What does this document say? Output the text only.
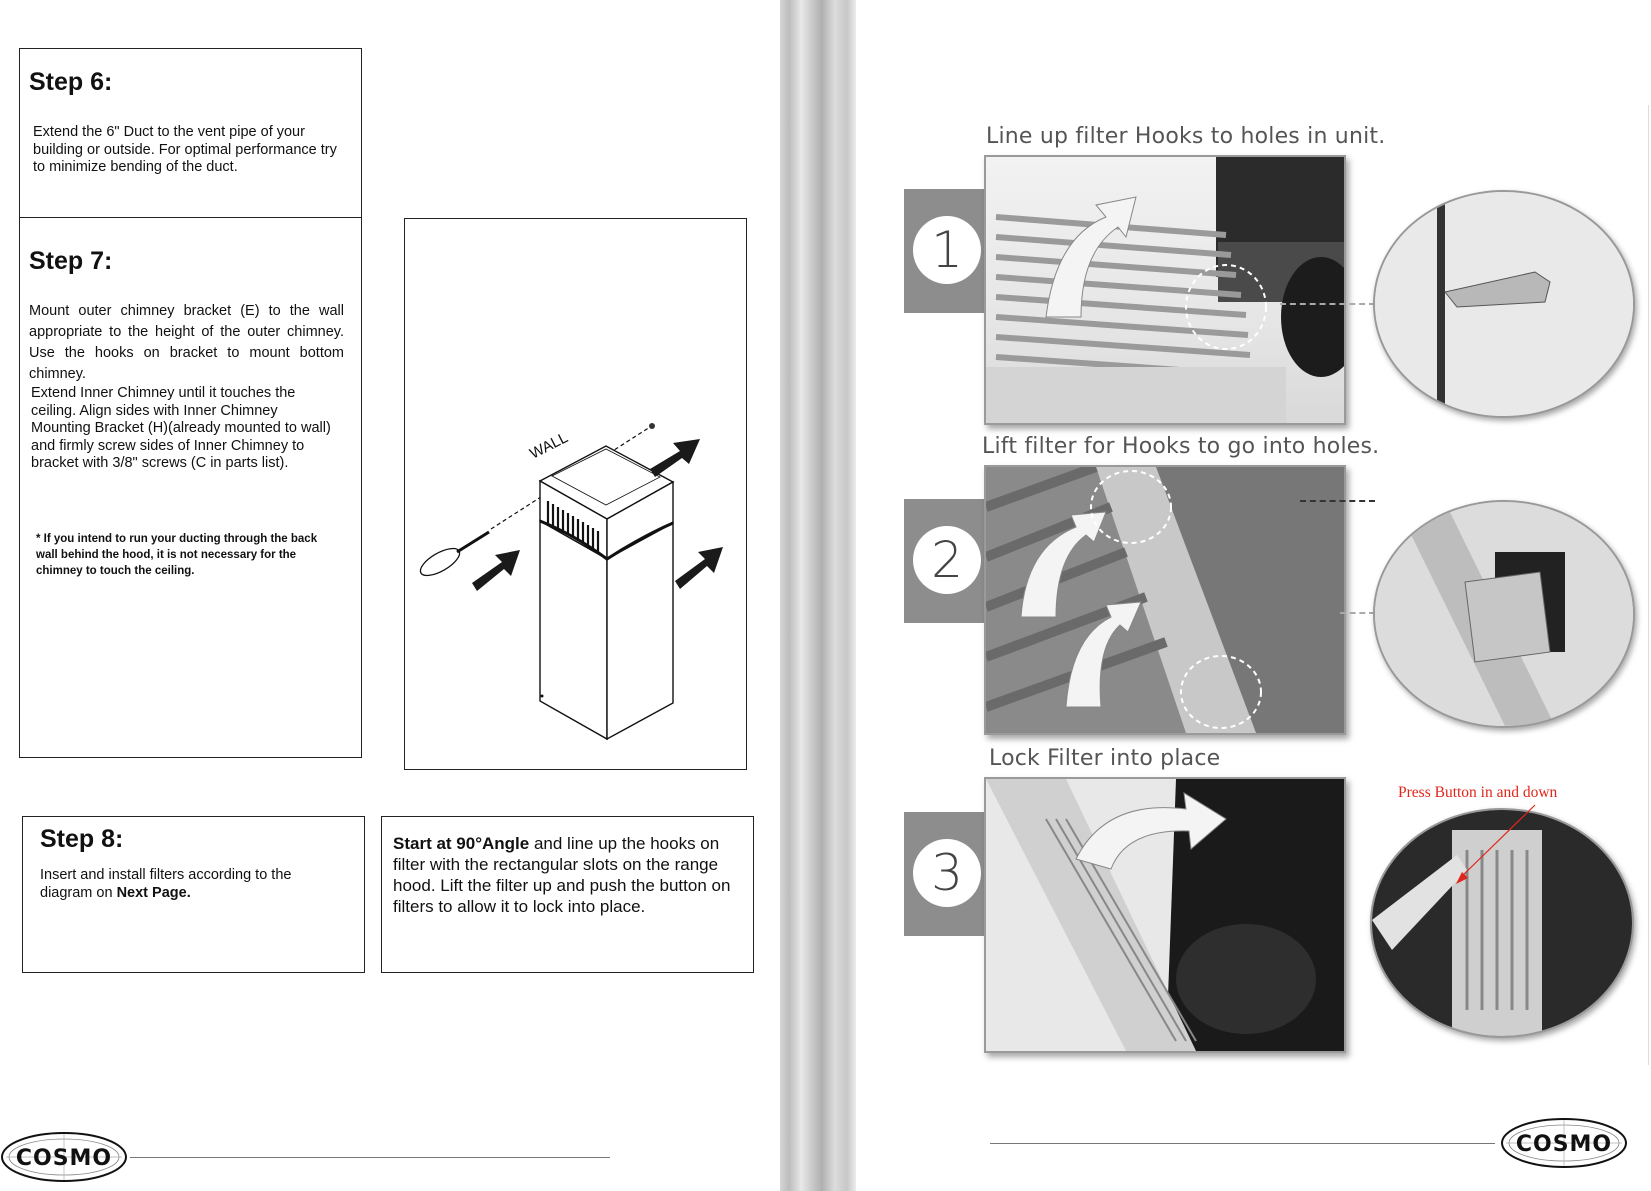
Step 6:
Extend the 6" Duct to the vent pipe of your building or outside. For optimal performance try to minimize bending of the duct.
Step 7:
Mount outer chimney bracket (E) to the wall appropriate to the height of the outer chimney. Use the hooks on bracket to mount bottom chimney.
Extend Inner Chimney until it touches the ceiling. Align sides with Inner Chimney Mounting Bracket (H)(already mounted to wall) and firmly screw sides of Inner Chimney to bracket with 3/8" screws (C in parts list).
* If you intend to run your ducting through the back wall behind the hood, it is not necessary for the chimney to touch the ceiling.
WALL
Step 8:
Insert and install filters according to the diagram on Next Page.
Start at 90°Angle and line up the hooks on filter with the rectangular slots on the range hood. Lift the filter up and push the button on filters to allow it to lock into place.
COSMO
Line up filter Hooks to holes in unit.
1
Lift filter for Hooks to go into holes.
2
Lock Filter into place
3
Press Button in and down
COSMO
